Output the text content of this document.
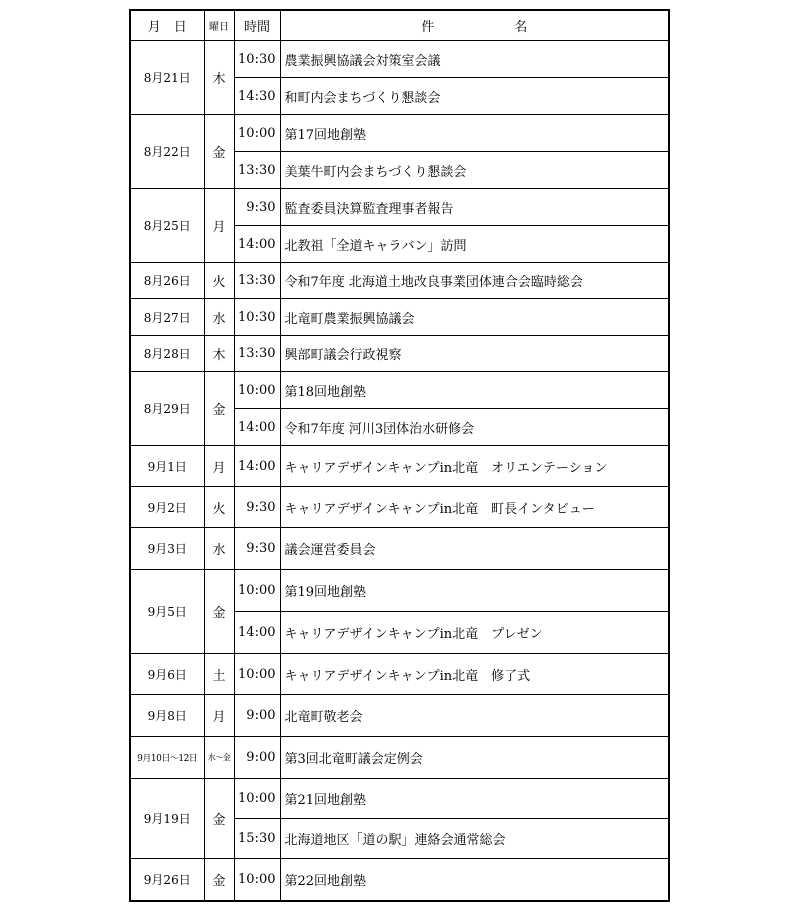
月　日	曜日	時間	件名
8月21日	木	10:30	農業振興協議会対策室会議
		14:30	和町内会まちづくり懇談会
8月22日	金	10:00	第17回地創塾
		13:30	美葉牛町内会まちづくり懇談会
8月25日	月	9:30	監査委員決算監査理事者報告
		14:00	北教祖「全道キャラバン」訪問
8月26日	火	13:30	令和7年度 北海道土地改良事業団体連合会臨時総会
8月27日	水	10:30	北竜町農業振興協議会
8月28日	木	13:30	興部町議会行政視察
8月29日	金	10:00	第18回地創塾
		14:00	令和7年度 河川3団体治水研修会
9月1日	月	14:00	キャリアデザインキャンプin北竜　オリエンテーション
9月2日	火	9:30	キャリアデザインキャンプin北竜　町長インタビュー
9月3日	水	9:30	議会運営委員会
9月5日	金	10:00	第19回地創塾
		14:00	キャリアデザインキャンプin北竜　プレゼン
9月6日	土	10:00	キャリアデザインキャンプin北竜　修了式
9月8日	月	9:00	北竜町敬老会
9月10日～12日	水～金	9:00	第3回北竜町議会定例会
9月19日	金	10:00	第21回地創塾
		15:30	北海道地区「道の駅」連絡会通常総会
9月26日	金	10:00	第22回地創塾
